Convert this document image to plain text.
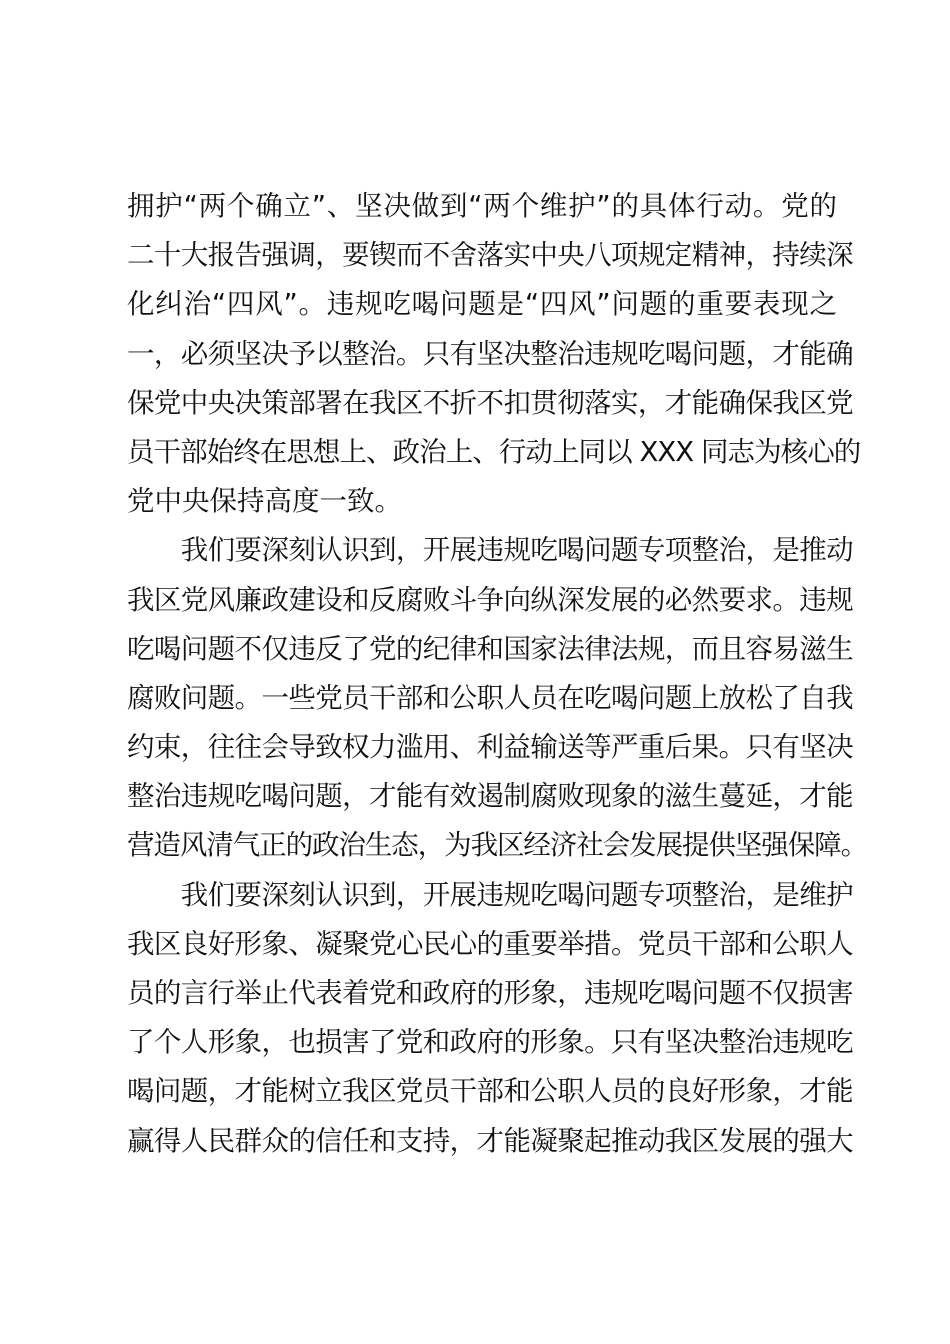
拥护“两个确立”、坚决做到“两个维护”的具体行动。党的
二十大报告强调，要锲而不舍落实中央八项规定精神，持续深
化纠治“四风”。违规吃喝问题是“四风”问题的重要表现之
一，必须坚决予以整治。只有坚决整治违规吃喝问题，才能确
保党中央决策部署在我区不折不扣贯彻落实，才能确保我区党
员干部始终在思想上、政治上、行动上同以 XXX 同志为核心的
党中央保持高度一致。
　　我们要深刻认识到，开展违规吃喝问题专项整治，是推动
我区党风廉政建设和反腐败斗争向纵深发展的必然要求。违规
吃喝问题不仅违反了党的纪律和国家法律法规，而且容易滋生
腐败问题。一些党员干部和公职人员在吃喝问题上放松了自我
约束，往往会导致权力滥用、利益输送等严重后果。只有坚决
整治违规吃喝问题，才能有效遏制腐败现象的滋生蔓延，才能
营造风清气正的政治生态，为我区经济社会发展提供坚强保障。
　　我们要深刻认识到，开展违规吃喝问题专项整治，是维护
我区良好形象、凝聚党心民心的重要举措。党员干部和公职人
员的言行举止代表着党和政府的形象，违规吃喝问题不仅损害
了个人形象，也损害了党和政府的形象。只有坚决整治违规吃
喝问题，才能树立我区党员干部和公职人员的良好形象，才能
赢得人民群众的信任和支持，才能凝聚起推动我区发展的强大
